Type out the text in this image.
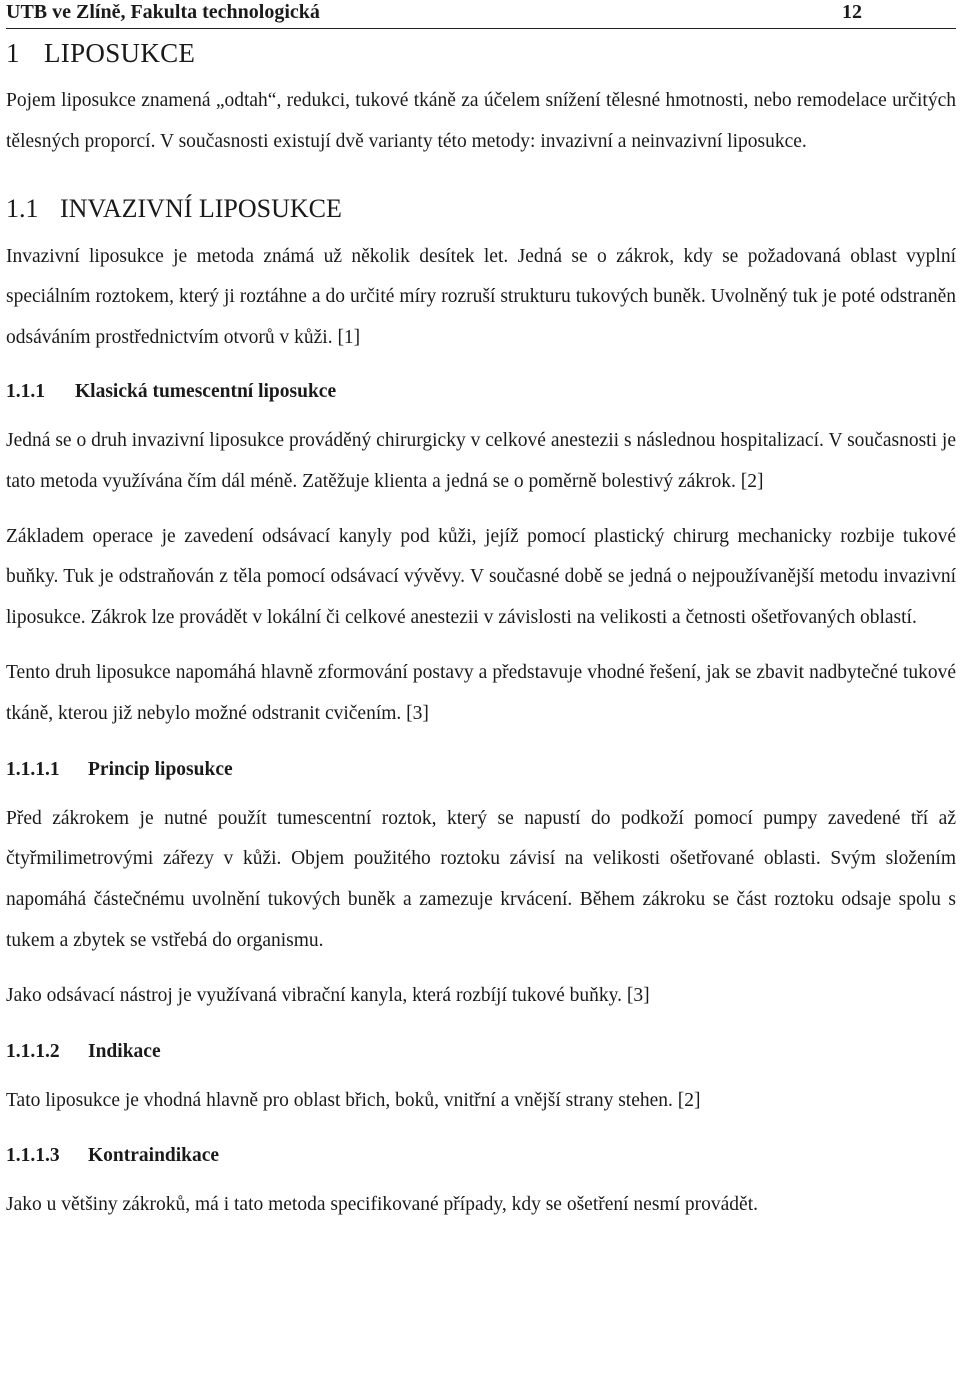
UTB ve Zlíně, Fakulta technologická	12
1 LIPOSUKCE

Pojem liposukce znamená „odtah“, redukci, tukové tkáně za účelem snížení tělesné hmotnosti, nebo remodelace určitých tělesných proporcí. V současnosti existují dvě varianty této metody: invazivní a neinvazivní liposukce.

1.1 INVAZIVNÍ LIPOSUKCE

Invazivní liposukce je metoda známá už několik desítek let. Jedná se o zákrok, kdy se požadovaná oblast vyplní speciálním roztokem, který ji roztáhne a do určité míry rozruší strukturu tukových buněk. Uvolněný tuk je poté odstraněn odsáváním prostřednictvím otvorů v kůži. [1]

1.1.1 Klasická tumescentní liposukce

Jedná se o druh invazivní liposukce prováděný chirurgicky v celkové anestezii s následnou hospitalizací. V současnosti je tato metoda využívána čím dál méně. Zatěžuje klienta a jedná se o poměrně bolestivý zákrok. [2]

Základem operace je zavedení odsávací kanyly pod kůži, jejíž pomocí plastický chirurg mechanicky rozbije tukové buňky. Tuk je odstraňován z těla pomocí odsávací vývěvy. V současné době se jedná o nejpoužívanější metodu invazivní liposukce. Zákrok lze provádět v lokální či celkové anestezii v závislosti na velikosti a četnosti ošetřovaných oblastí.

Tento druh liposukce napomáhá hlavně zformování postavy a představuje vhodné řešení, jak se zbavit nadbytečné tukové tkáně, kterou již nebylo možné odstranit cvičením. [3]

1.1.1.1 Princip liposukce

Před zákrokem je nutné použít tumescentní roztok, který se napustí do podkoží pomocí pumpy zavedené tří až čtyřmilimetrovými zářezy v kůži. Objem použitého roztoku závisí na velikosti ošetřované oblasti. Svým složením napomáhá částečnému uvolnění tukových buněk a zamezuje krvácení. Během zákroku se část roztoku odsaje spolu s tukem a zbytek se vstřebá do organismu.

Jako odsávací nástroj je využívaná vibrační kanyla, která rozbíjí tukové buňky. [3]

1.1.1.2 Indikace

Tato liposukce je vhodná hlavně pro oblast břich, boků, vnitřní a vnější strany stehen. [2]

1.1.1.3 Kontraindikace

Jako u většiny zákroků, má i tato metoda specifikované případy, kdy se ošetření nesmí provádět.
